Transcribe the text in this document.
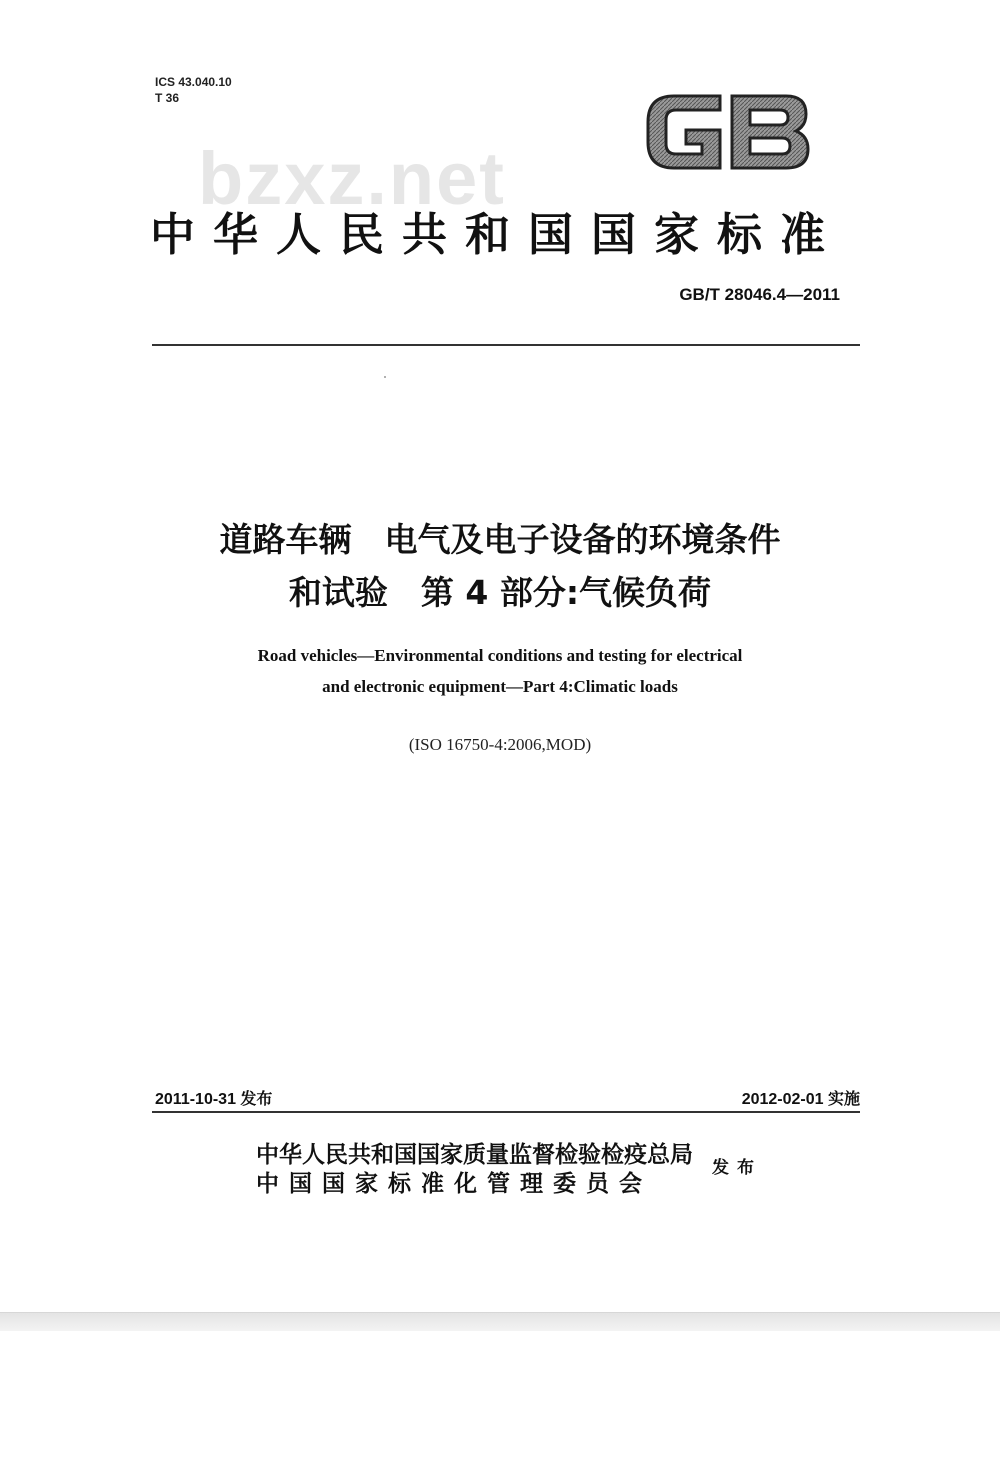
ICS 43.040.10
T 36
bzxz.net
中华人民共和国国家标准
GB/T 28046.4—2011
道路车辆　电气及电子设备的环境条件
和试验　第 4 部分:气候负荷
Road vehicles—Environmental conditions and testing for electrical
and electronic equipment—Part 4:Climatic loads
(ISO 16750-4:2006,MOD)
2011-10-31 发布	2012-02-01 实施
中华人民共和国国家质量监督检验检疫总局
中国国家标准化管理委员会
发布
